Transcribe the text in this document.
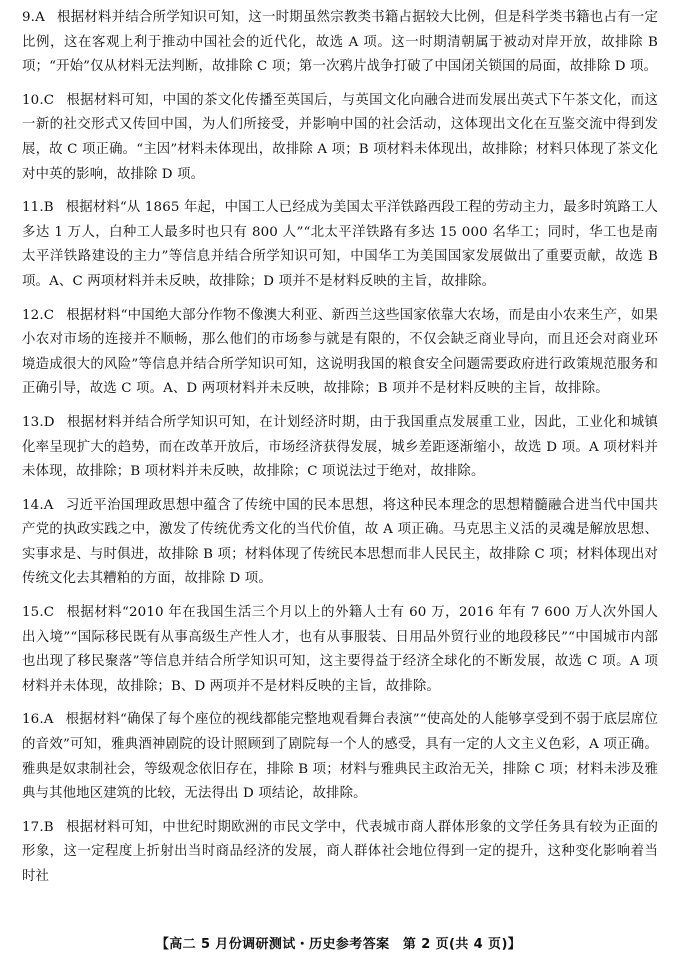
9.A 根据材料并结合所学知识可知，这一时期虽然宗教类书籍占据较大比例，但是科学类书籍也占有一定比例，这在客观上利于推动中国社会的近代化，故选 A 项。这一时期清朝属于被动对岸开放，故排除 B 项；“开始”仅从材料无法判断，故排除 C 项；第一次鸦片战争打破了中国闭关锁国的局面，故排除 D 项。

10.C 根据材料可知，中国的茶文化传播至英国后，与英国文化向融合进而发展出英式下午茶文化，而这一新的社交形式又传回中国，为人们所接受，并影响中国的社会活动，这体现出文化在互鉴交流中得到发展，故 C 项正确。“主因”材料未体现出，故排除 A 项；B 项材料未体现出，故排除；材料只体现了茶文化对中英的影响，故排除 D 项。

11.B 根据材料“从 1865 年起，中国工人已经成为美国太平洋铁路西段工程的劳动主力，最多时筑路工人多达 1 万人，白种工人最多时也只有 800 人”“北太平洋铁路有多达 15 000 名华工；同时，华工也是南太平洋铁路建设的主力”等信息并结合所学知识可知，中国华工为美国国家发展做出了重要贡献，故选 B 项。A、C 两项材料并未反映，故排除；D 项并不是材料反映的主旨，故排除。

12.C 根据材料“中国绝大部分作物不像澳大利亚、新西兰这些国家依靠大农场，而是由小农来生产，如果小农对市场的连接并不顺畅，那么他们的市场参与就是有限的，不仅会缺乏商业导向，而且还会对商业环境造成很大的风险”等信息并结合所学知识可知，这说明我国的粮食安全问题需要政府进行政策规范服务和正确引导，故选 C 项。A、D 两项材料并未反映，故排除；B 项并不是材料反映的主旨，故排除。

13.D 根据材料并结合所学知识可知，在计划经济时期，由于我国重点发展重工业，因此，工业化和城镇化率呈现扩大的趋势，而在改革开放后，市场经济获得发展，城乡差距逐渐缩小，故选 D 项。A 项材料并未体现，故排除；B 项材料并未反映，故排除；C 项说法过于绝对，故排除。

14.A 习近平治国理政思想中蕴含了传统中国的民本思想，将这种民本理念的思想精髓融合进当代中国共产党的执政实践之中，激发了传统优秀文化的当代价值，故 A 项正确。马克思主义活的灵魂是解放思想、实事求是、与时俱进，故排除 B 项；材料体现了传统民本思想而非人民民主，故排除 C 项；材料体现出对传统文化去其糟粕的方面，故排除 D 项。

15.C 根据材料“2010 年在我国生活三个月以上的外籍人士有 60 万，2016 年有 7 600 万人次外国人出入境”“国际移民既有从事高级生产性人才，也有从事服装、日用品外贸行业的地段移民”“中国城市内部也出现了移民聚落”等信息并结合所学知识可知，这主要得益于经济全球化的不断发展，故选 C 项。A 项材料并未体现，故排除；B、D 两项并不是材料反映的主旨，故排除。

16.A 根据材料“确保了每个座位的视线都能完整地观看舞台表演”“使高处的人能够享受到不弱于底层席位的音效”可知，雅典酒神剧院的设计照顾到了剧院每一个人的感受，具有一定的人文主义色彩，A 项正确。雅典是奴隶制社会，等级观念依旧存在，排除 B 项；材料与雅典民主政治无关，排除 C 项；材料未涉及雅典与其他地区建筑的比较，无法得出 D 项结论，故排除。

17.B 根据材料可知，中世纪时期欧洲的市民文学中，代表城市商人群体形象的文学任务具有较为正面的形象，这一定程度上折射出当时商品经济的发展，商人群体社会地位得到一定的提升，这种变化影响着当时社

【高二 5 月份调研测试・历史参考答案　第 2 页(共 4 页)】
